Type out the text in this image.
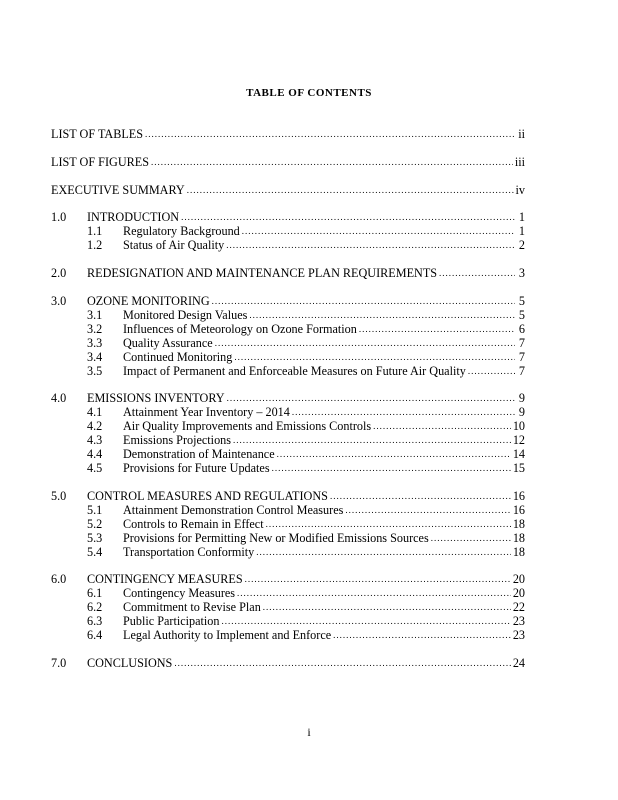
TABLE OF CONTENTS
LIST OF TABLES .....	ii
LIST OF FIGURES .....	iii
EXECUTIVE SUMMARY .....	iv
1.0	INTRODUCTION .....	1
1.1	Regulatory Background .....	1
1.2	Status of Air Quality .....	2
2.0	REDESIGNATION AND MAINTENANCE PLAN REQUIREMENTS .....	3
3.0	OZONE MONITORING .....	5
3.1	Monitored Design Values .....	5
3.2	Influences of Meteorology on Ozone Formation .....	6
3.3	Quality Assurance .....	7
3.4	Continued Monitoring .....	7
3.5	Impact of Permanent and Enforceable Measures on Future Air Quality .....	7
4.0	EMISSIONS INVENTORY .....	9
4.1	Attainment Year Inventory – 2014 .....	9
4.2	Air Quality Improvements and Emissions Controls .....	10
4.3	Emissions Projections .....	12
4.4	Demonstration of Maintenance .....	14
4.5	Provisions for Future Updates .....	15
5.0	CONTROL MEASURES AND REGULATIONS .....	16
5.1	Attainment Demonstration Control Measures .....	16
5.2	Controls to Remain in Effect .....	18
5.3	Provisions for Permitting New or Modified Emissions Sources .....	18
5.4	Transportation Conformity .....	18
6.0	CONTINGENCY MEASURES .....	20
6.1	Contingency Measures .....	20
6.2	Commitment to Revise Plan .....	22
6.3	Public Participation .....	23
6.4	Legal Authority to Implement and Enforce .....	23
7.0	CONCLUSIONS .....	24
i
